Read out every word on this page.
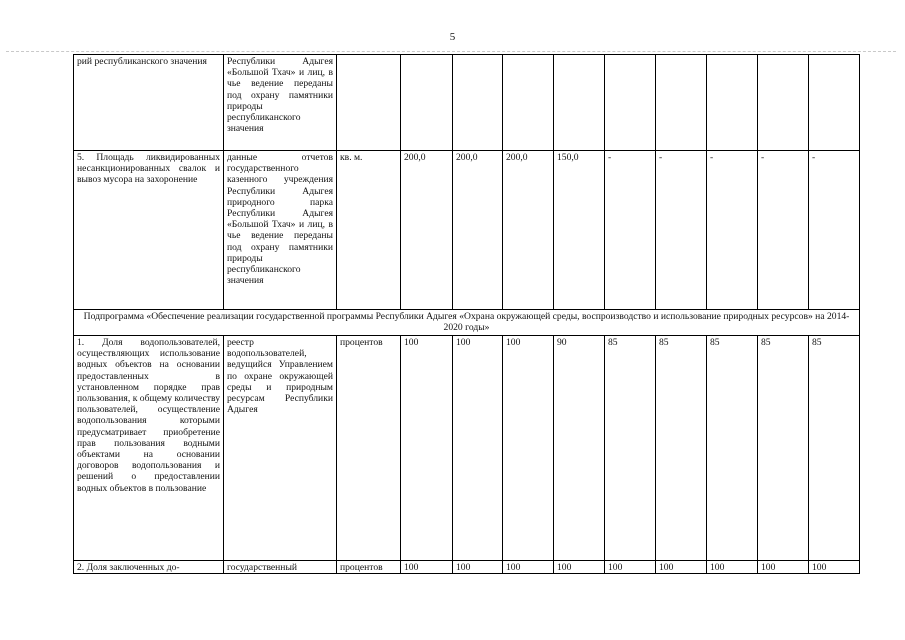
5
рий республиканского значения	Республики Адыгея «Большой Тхач» и лиц, в чье ведение переданы под охрану памятники природы республиканского значения										
5. Площадь ликвидированных несанкционированных свалок и вывоз мусора на захоронение	данные отчетов государственного казенного учреждения Республики Адыгея природного парка Республики Адыгея «Большой Тхач» и лиц, в чье ведение переданы под охрану памятники природы республиканского значения	кв. м.	200,0	200,0	200,0	150,0	-	-	-	-	-
Подпрограмма «Обеспечение реализации государственной программы Республики Адыгея «Охрана окружающей среды, воспроизводство и использование природных ресурсов» на 2014-2020 годы»											
1. Доля водопользователей, осуществляющих использование водных объектов на основании предоставленных в установленном порядке прав пользования, к общему количеству пользователей, осуществление водопользования которыми предусматривает приобретение прав пользования водными объектами на основании договоров водопользования и решений о предоставлении водных объектов в пользование	реестр водопользователей, ведущийся Управлением по охране окружающей среды и природным ресурсам Республики Адыгея	процентов	100	100	100	90	85	85	85	85	85
2. Доля заключенных до-	государственный	процентов	100	100	100	100	100	100	100	100	100
